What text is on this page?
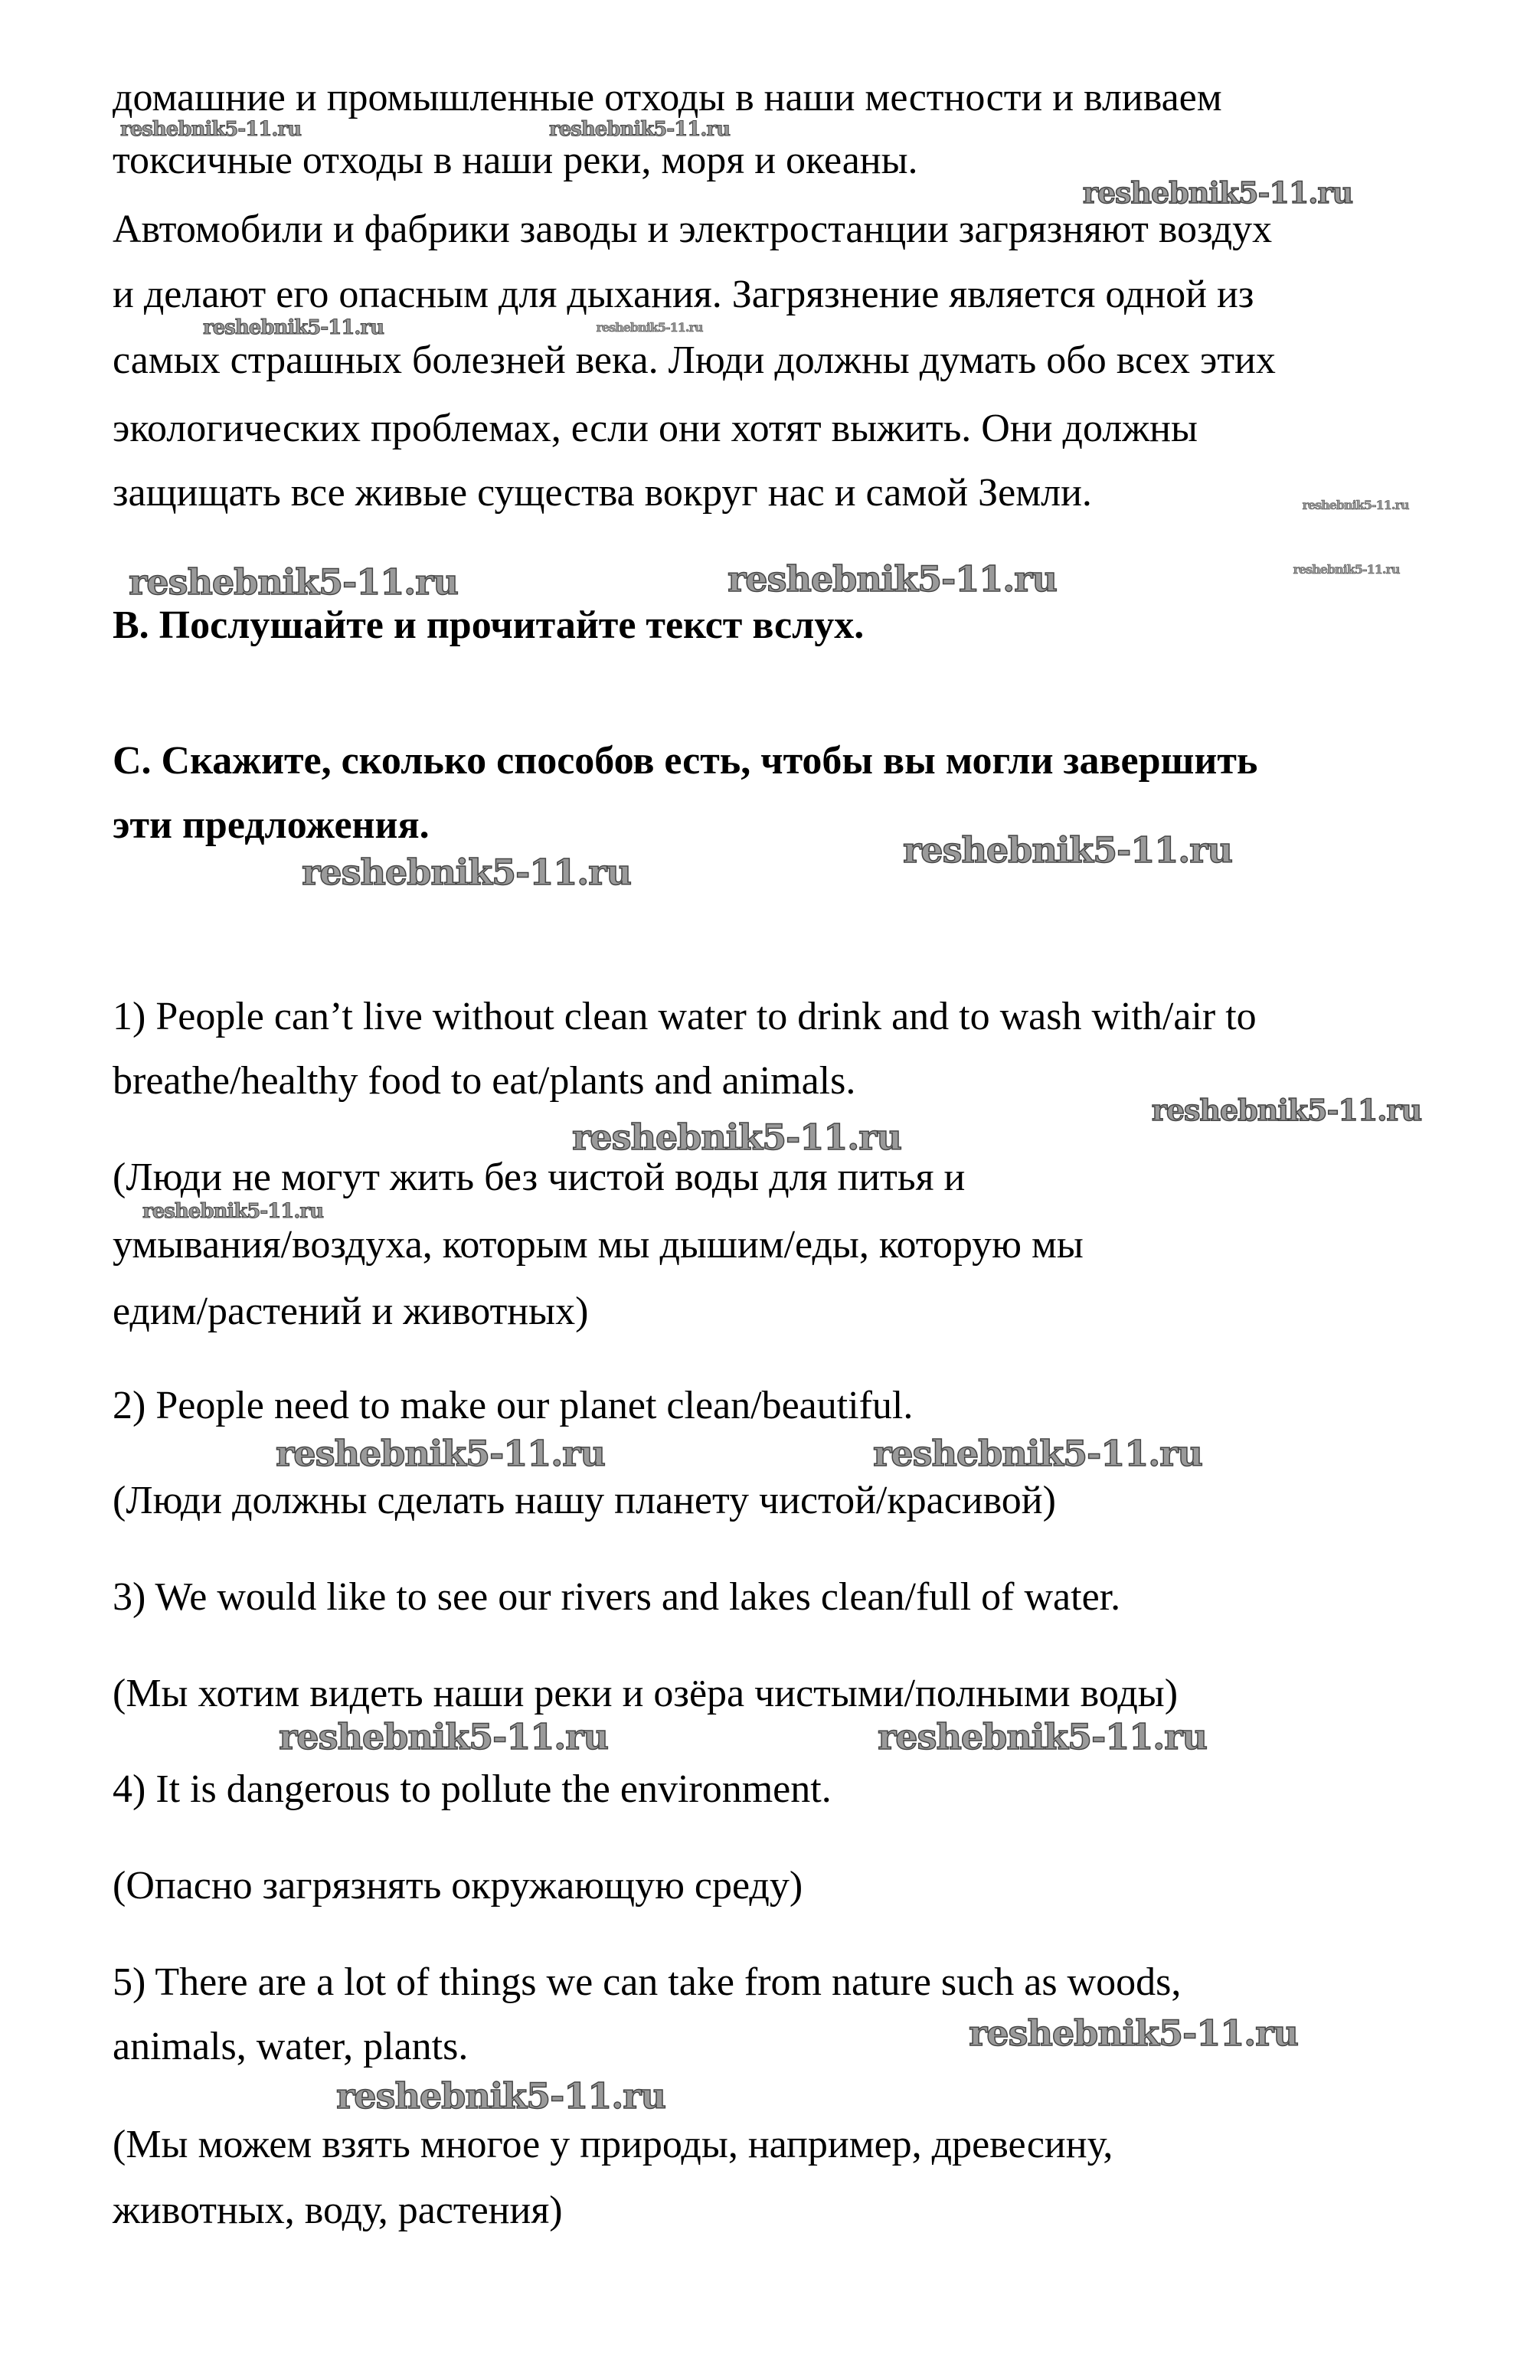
домашние и промышленные отходы в наши местности и вливаем
токсичные отходы в наши реки, моря и океаны.
Автомобили и фабрики заводы и электростанции загрязняют воздух
и делают его опасным для дыхания. Загрязнение является одной из
самых страшных болезней века. Люди должны думать обо всех этих
экологических проблемах, если они хотят выжить. Они должны
защищать все живые существа вокруг нас и самой Земли.
B. Послушайте и прочитайте текст вслух.
C. Скажите, сколько способов есть, чтобы вы могли завершить
эти предложения.
1) People can’t live without clean water to drink and to wash with/air to
breathe/healthy food to eat/plants and animals.
(Люди не могут жить без чистой воды для питья и
умывания/воздуха, которым мы дышим/еды, которую мы
едим/растений и животных)
2) People need to make our planet clean/beautiful.
(Люди должны сделать нашу планету чистой/красивой)
3) We would like to see our rivers and lakes clean/full of water.
(Мы хотим видеть наши реки и озёра чистыми/полными воды)
4) It is dangerous to pollute the environment.
(Опасно загрязнять окружающую среду)
5) There are a lot of things we can take from nature such as woods,
animals, water, plants.
(Мы можем взять многое у природы, например, древесину,
животных, воду, растения)
reshebnik5-11.ru	reshebnik5-11.ru
reshebnik5-11.ru
reshebnik5-11.ru	reshebnik5-11.ru
reshebnik5-11.ru
reshebnik5-11.ru
reshebnik5-11.ru	reshebnik5-11.ru
reshebnik5-11.ru
reshebnik5-11.ru
reshebnik5-11.ru
reshebnik5-11.ru
reshebnik5-11.ru
reshebnik5-11.ru	reshebnik5-11.ru
reshebnik5-11.ru	reshebnik5-11.ru
reshebnik5-11.ru
reshebnik5-11.ru
